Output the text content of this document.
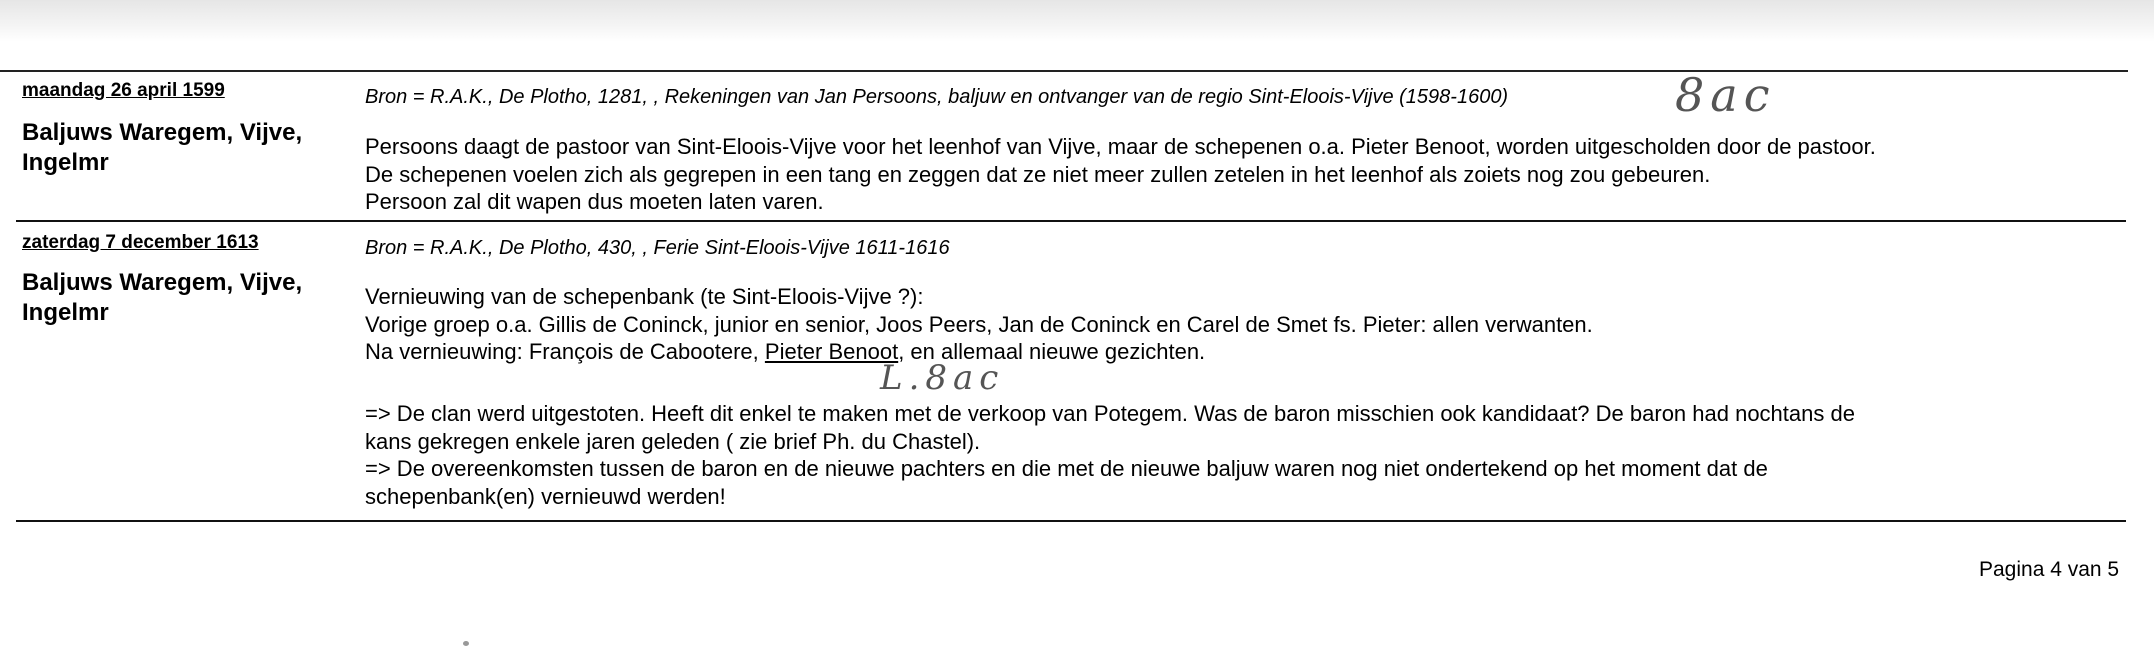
maandag 26 april 1599
Baljuws Waregem, Vijve, Ingelmr
Bron = R.A.K., De Plotho, 1281, , Rekeningen van Jan Persoons, baljuw en ontvanger van de regio Sint-Eloois-Vijve (1598-1600)	8ac
Persoons daagt de pastoor van Sint-Eloois-Vijve voor het leenhof van Vijve, maar de schepenen o.a. Pieter Benoot, worden uitgescholden door de pastoor.
De schepenen voelen zich als gegrepen in een tang en zeggen dat ze niet meer zullen zetelen in het leenhof als zoiets nog zou gebeuren.
Persoon zal dit wapen dus moeten laten varen.
zaterdag 7 december 1613
Baljuws Waregem, Vijve, Ingelmr
Bron = R.A.K., De Plotho, 430, , Ferie Sint-Eloois-Vijve 1611-1616
Vernieuwing van de schepenbank (te Sint-Eloois-Vijve ?):
Vorige groep o.a. Gillis de Coninck, junior en senior, Joos Peers, Jan de Coninck en Carel de Smet fs. Pieter: allen verwanten.
Na vernieuwing: François de Cabootere, Pieter Benoot, en allemaal nieuwe gezichten.
L.8ac
=> De clan werd uitgestoten. Heeft dit enkel te maken met de verkoop van Potegem. Was de baron misschien ook kandidaat? De baron had nochtans de
kans gekregen enkele jaren geleden ( zie brief Ph. du Chastel).
=> De overeenkomsten tussen de baron en de nieuwe pachters en die met de nieuwe baljuw waren nog niet ondertekend op het moment dat de
schepenbank(en) vernieuwd werden!
Pagina 4 van 5
